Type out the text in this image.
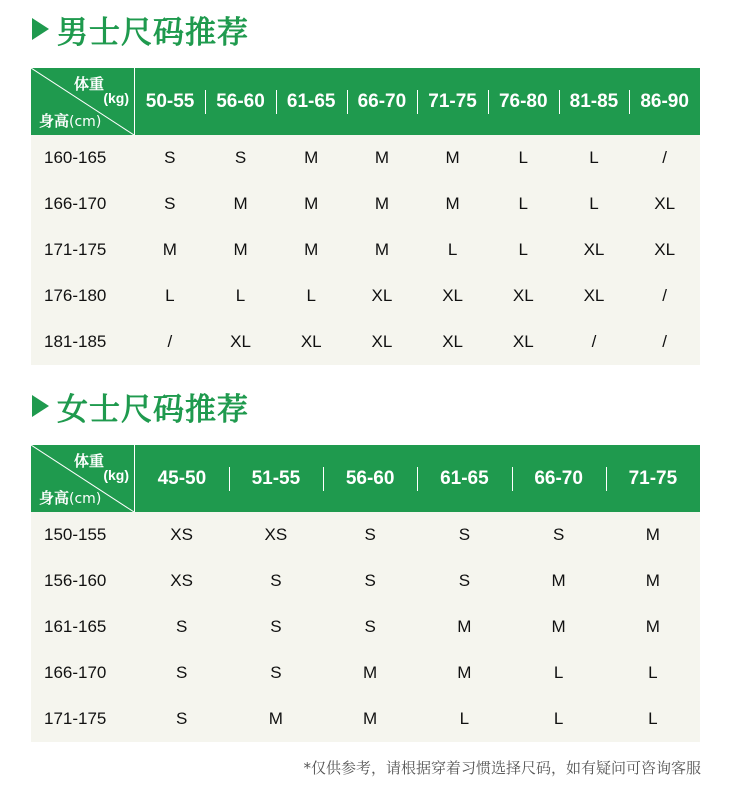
男士尺码推荐
体重
(kg)
身高(cm)	50-55	56-60	61-65	66-70	71-75	76-80	81-85	86-90
160-165	S	S	M	M	M	L	L	/
166-170	S	M	M	M	M	L	L	XL
171-175	M	M	M	M	L	L	XL	XL
176-180	L	L	L	XL	XL	XL	XL	/
181-185	/	XL	XL	XL	XL	XL	/	/
女士尺码推荐
体重
(kg)
身高(cm)	45-50	51-55	56-60	61-65	66-70	71-75
150-155	XS	XS	S	S	S	M
156-160	XS	S	S	S	M	M
161-165	S	S	S	M	M	M
166-170	S	S	M	M	L	L
171-175	S	M	M	L	L	L
*仅供参考，请根据穿着习惯选择尺码，如有疑问可咨询客服
